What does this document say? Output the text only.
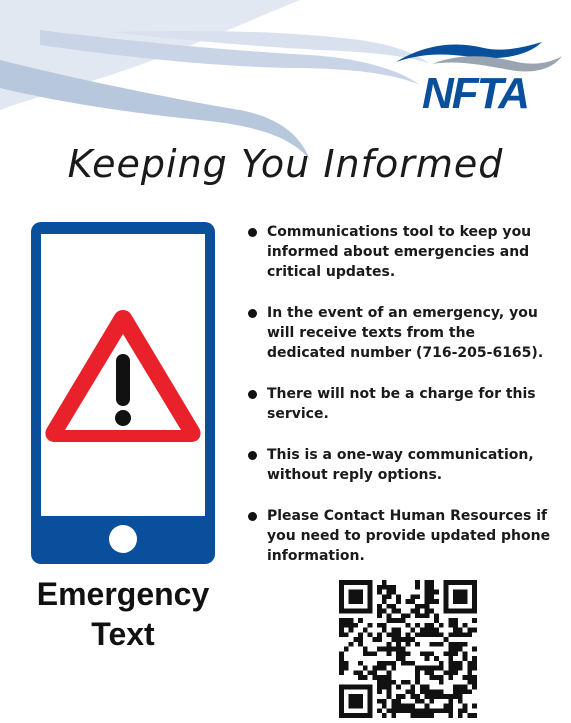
NFTA
Keeping You Informed
Emergency
Text
Communications tool to keep you informed about emergencies and critical updates.
In the event of an emergency, you will receive texts from the dedicated number (716-205-6165).
There will not be a charge for this service.
This is a one-way communication, without reply options.
Please Contact Human Resources if you need to provide updated phone information.
